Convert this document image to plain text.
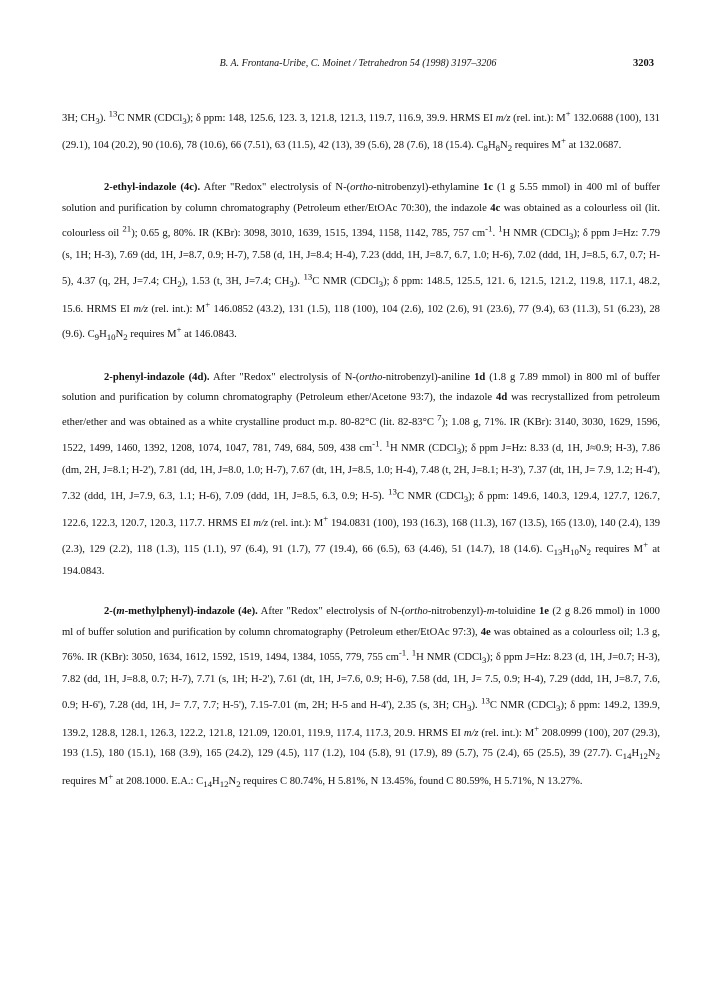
B. A. Frontana-Uribe, C. Moinet / Tetrahedron 54 (1998) 3197–3206	3203

3H; $CH_3$). $^{13}$C NMR (CDCl$_3$); δ ppm: 148, 125.6, 123. 3, 121.8, 121.3, 119.7, 116.9, 39.9. HRMS EI m/z (rel. int.): M+ 132.0688 (100), 131 (29.1), 104 (20.2), 90 (10.6), 78 (10.6), 66 (7.51), 63 (11.5), 42 (13), 39 (5.6), 28 (7.6), 18 (15.4). $C_8H_8N_2$ requires M+ at 132.0687.

2-ethyl-indazole (4c). After "Redox" electrolysis of N-(ortho-nitrobenzyl)-ethylamine 1c (1 g 5.55 mmol) in 400 ml of buffer solution and purification by column chromatography (Petroleum ether/EtOAc 70:30), the indazole 4c was obtained as a colourless oil (lit. colourless oil $^{21}$); 0.65 g, 80%. IR (KBr): 3098, 3010, 1639, 1515, 1394, 1158, 1142, 785, 757 $cm^{-1}$. $^1$H NMR (CDCl$_3$); δ ppm J=Hz: 7.79 (s, 1H; H-3), 7.69 (dd, 1H, J=8.7, 0.9; H-7), 7.58 (d, 1H, J=8.4; H-4), 7.23 (ddd, 1H, J=8.7, 6.7, 1.0; H-6), 7.02 (ddd, 1H, J=8.5, 6.7, 0.7; H-5), 4.37 (q, 2H, J=7.4; $CH_2$), 1.53 (t, 3H, J=7.4; $CH_3$). $^{13}$C NMR (CDCl$_3$); δ ppm: 148.5, 125.5, 121. 6, 121.5, 121.2, 119.8, 117.1, 48.2, 15.6. HRMS EI m/z (rel. int.): M+ 146.0852 (43.2), 131 (1.5), 118 (100), 104 (2.6), 102 (2.6), 91 (23.6), 77 (9.4), 63 (11.3), 51 (6.23), 28 (9.6). $C_9H_{10}N_2$ requires M+ at 146.0843.

2-phenyl-indazole (4d). After "Redox" electrolysis of N-(ortho-nitrobenzyl)-aniline 1d (1.8 g 7.89 mmol) in 800 ml of buffer solution and purification by column chromatography (Petroleum ether/Acetone 93:7), the indazole 4d was recrystallized from petroleum ether/ether and was obtained as a white crystalline product m.p. 80-82°C (lit. 82-83°C $^7$); 1.08 g, 71%. IR (KBr): 3140, 3030, 1629, 1596, 1522, 1499, 1460, 1392, 1208, 1074, 1047, 781, 749, 684, 509, 438 $cm^{-1}$. $^1$H NMR (CDCl$_3$); δ ppm J=Hz: 8.33 (d, 1H, J≈0.9; H-3), 7.86 (dm, 2H, J=8.1; H-2'), 7.81 (dd, 1H, J=8.0, 1.0; H-7), 7.67 (dt, 1H, J=8.5, 1.0; H-4), 7.48 (t, 2H, J=8.1; H-3'), 7.37 (dt, 1H, J= 7.9, 1.2; H-4'), 7.32 (ddd, 1H, J=7.9, 6.3, 1.1; H-6), 7.09 (ddd, 1H, J=8.5, 6.3, 0.9; H-5). $^{13}$C NMR (CDCl$_3$); δ ppm: 149.6, 140.3, 129.4, 127.7, 126.7, 122.6, 122.3, 120.7, 120.3, 117.7. HRMS EI m/z (rel. int.): M+ 194.0831 (100), 193 (16.3), 168 (11.3), 167 (13.5), 165 (13.0), 140 (2.4), 139 (2.3), 129 (2.2), 118 (1.3), 115 (1.1), 97 (6.4), 91 (1.7), 77 (19.4), 66 (6.5), 63 (4.46), 51 (14.7), 18 (14.6). $C_{13}H_{10}N_2$ requires M+ at 194.0843.

2-(m-methylphenyl)-indazole (4e). After "Redox" electrolysis of N-(ortho-nitrobenzyl)-m-toluidine 1e (2 g 8.26 mmol) in 1000 ml of buffer solution and purification by column chromatography (Petroleum ether/EtOAc 97:3), 4e was obtained as a colourless oil; 1.3 g, 76%. IR (KBr): 3050, 1634, 1612, 1592, 1519, 1494, 1384, 1055, 779, 755 $cm^{-1}$. $^1$H NMR (CDCl$_3$); δ ppm J=Hz: 8.23 (d, 1H, J=0.7; H-3), 7.82 (dd, 1H, J=8.8, 0.7; H-7), 7.71 (s, 1H; H-2'), 7.61 (dt, 1H, J=7.6, 0.9; H-6), 7.58 (dd, 1H, J= 7.5, 0.9; H-4), 7.29 (ddd, 1H, J=8.7, 7.6, 0.9; H-6'), 7.28 (dd, 1H, J= 7.7, 7.7; H-5'), 7.15-7.01 (m, 2H; H-5 and H-4'), 2.35 (s, 3H; $CH_3$). $^{13}$C NMR (CDCl$_3$); δ ppm: 149.2, 139.9, 139.2, 128.8, 128.1, 126.3, 122.2, 121.8, 121.09, 120.01, 119.9, 117.4, 117.3, 20.9. HRMS EI m/z (rel. int.): M+ 208.0999 (100), 207 (29.3), 193 (1.5), 180 (15.1), 168 (3.9), 165 (24.2), 129 (4.5), 117 (1.2), 104 (5.8), 91 (17.9), 89 (5.7), 75 (2.4), 65 (25.5), 39 (27.7). $C_{14}H_{12}N_2$ requires M+ at 208.1000. E.A.: $C_{14}H_{12}N_2$ requires C 80.74%, H 5.81%, N 13.45%, found C 80.59%, H 5.71%, N 13.27%.
